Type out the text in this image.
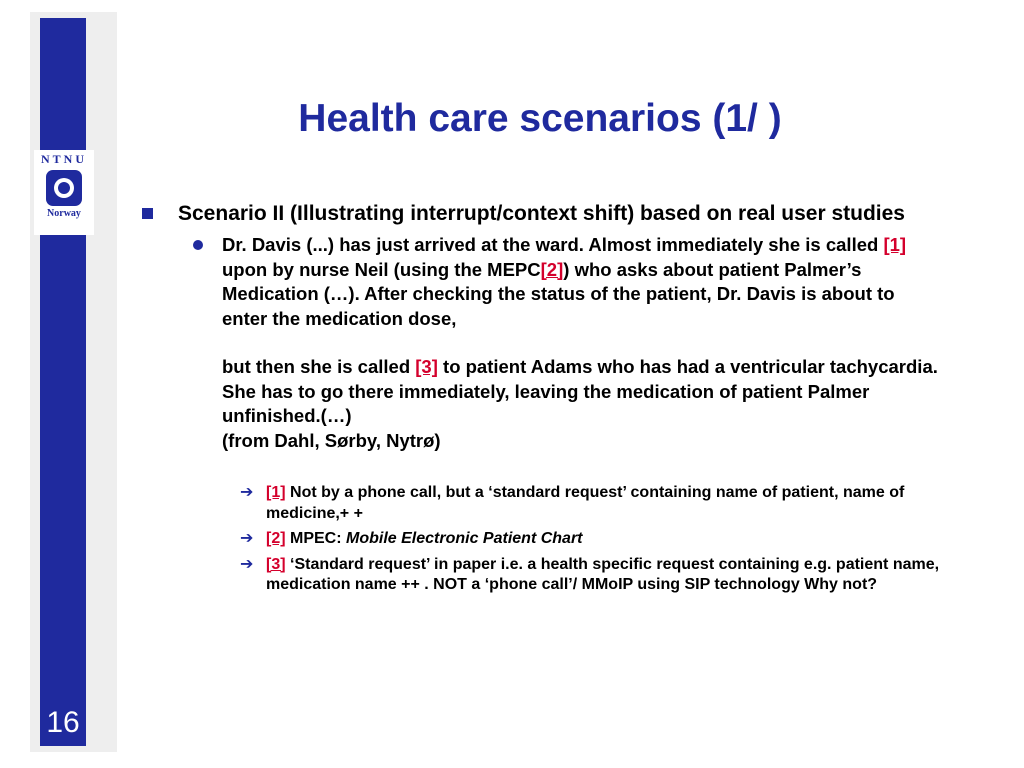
NTNU
Norway
16
Health care scenarios (1/ )
Scenario II (Illustrating interrupt/context shift) based on real user studies
Dr. Davis (...) has just arrived at the ward. Almost immediately she is called [1] upon by nurse Neil (using the MEPC[2]) who asks about patient Palmer’s Medication (…). After checking the status of the patient, Dr. Davis is about to enter the medication dose,
but then she is called [3] to patient Adams who has had a ventricular tachycardia. She has to go there immediately, leaving the medication of patient Palmer unfinished.(…)
(from Dahl, Sørby, Nytrø)
➔ [1] Not by a phone call, but a ‘standard request’ containing name of patient, name of medicine,+ +
➔ [2] MPEC: Mobile Electronic Patient Chart
➔ [3] ‘Standard request’ in paper i.e. a health specific request containing e.g. patient name, medication name ++ . NOT a ‘phone call’/ MMoIP using SIP technology Why not?
